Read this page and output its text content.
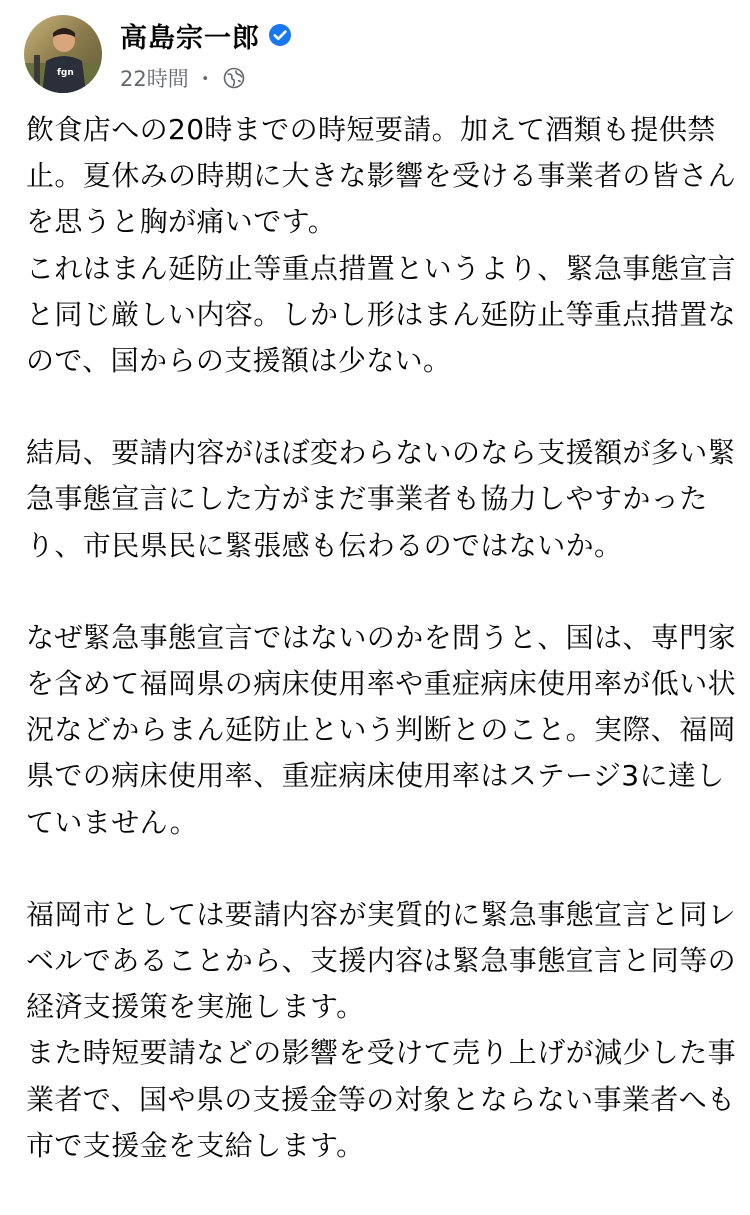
fgn
高島宗一郎
22時間 ・
飲食店への20時までの時短要請。加えて酒類も提供禁
止。夏休みの時期に大きな影響を受ける事業者の皆さん
を思うと胸が痛いです。
これはまん延防止等重点措置というより、緊急事態宣言
と同じ厳しい内容。しかし形はまん延防止等重点措置な
ので、国からの支援額は少ない。
結局、要請内容がほぼ変わらないのなら支援額が多い緊
急事態宣言にした方がまだ事業者も協力しやすかった
り、市民県民に緊張感も伝わるのではないか。
なぜ緊急事態宣言ではないのかを問うと、国は、専門家
を含めて福岡県の病床使用率や重症病床使用率が低い状
況などからまん延防止という判断とのこと。実際、福岡
県での病床使用率、重症病床使用率はステージ3に達し
ていません。
福岡市としては要請内容が実質的に緊急事態宣言と同レ
ベルであることから、支援内容は緊急事態宣言と同等の
経済支援策を実施します。
また時短要請などの影響を受けて売り上げが減少した事
業者で、国や県の支援金等の対象とならない事業者へも
市で支援金を支給します。
